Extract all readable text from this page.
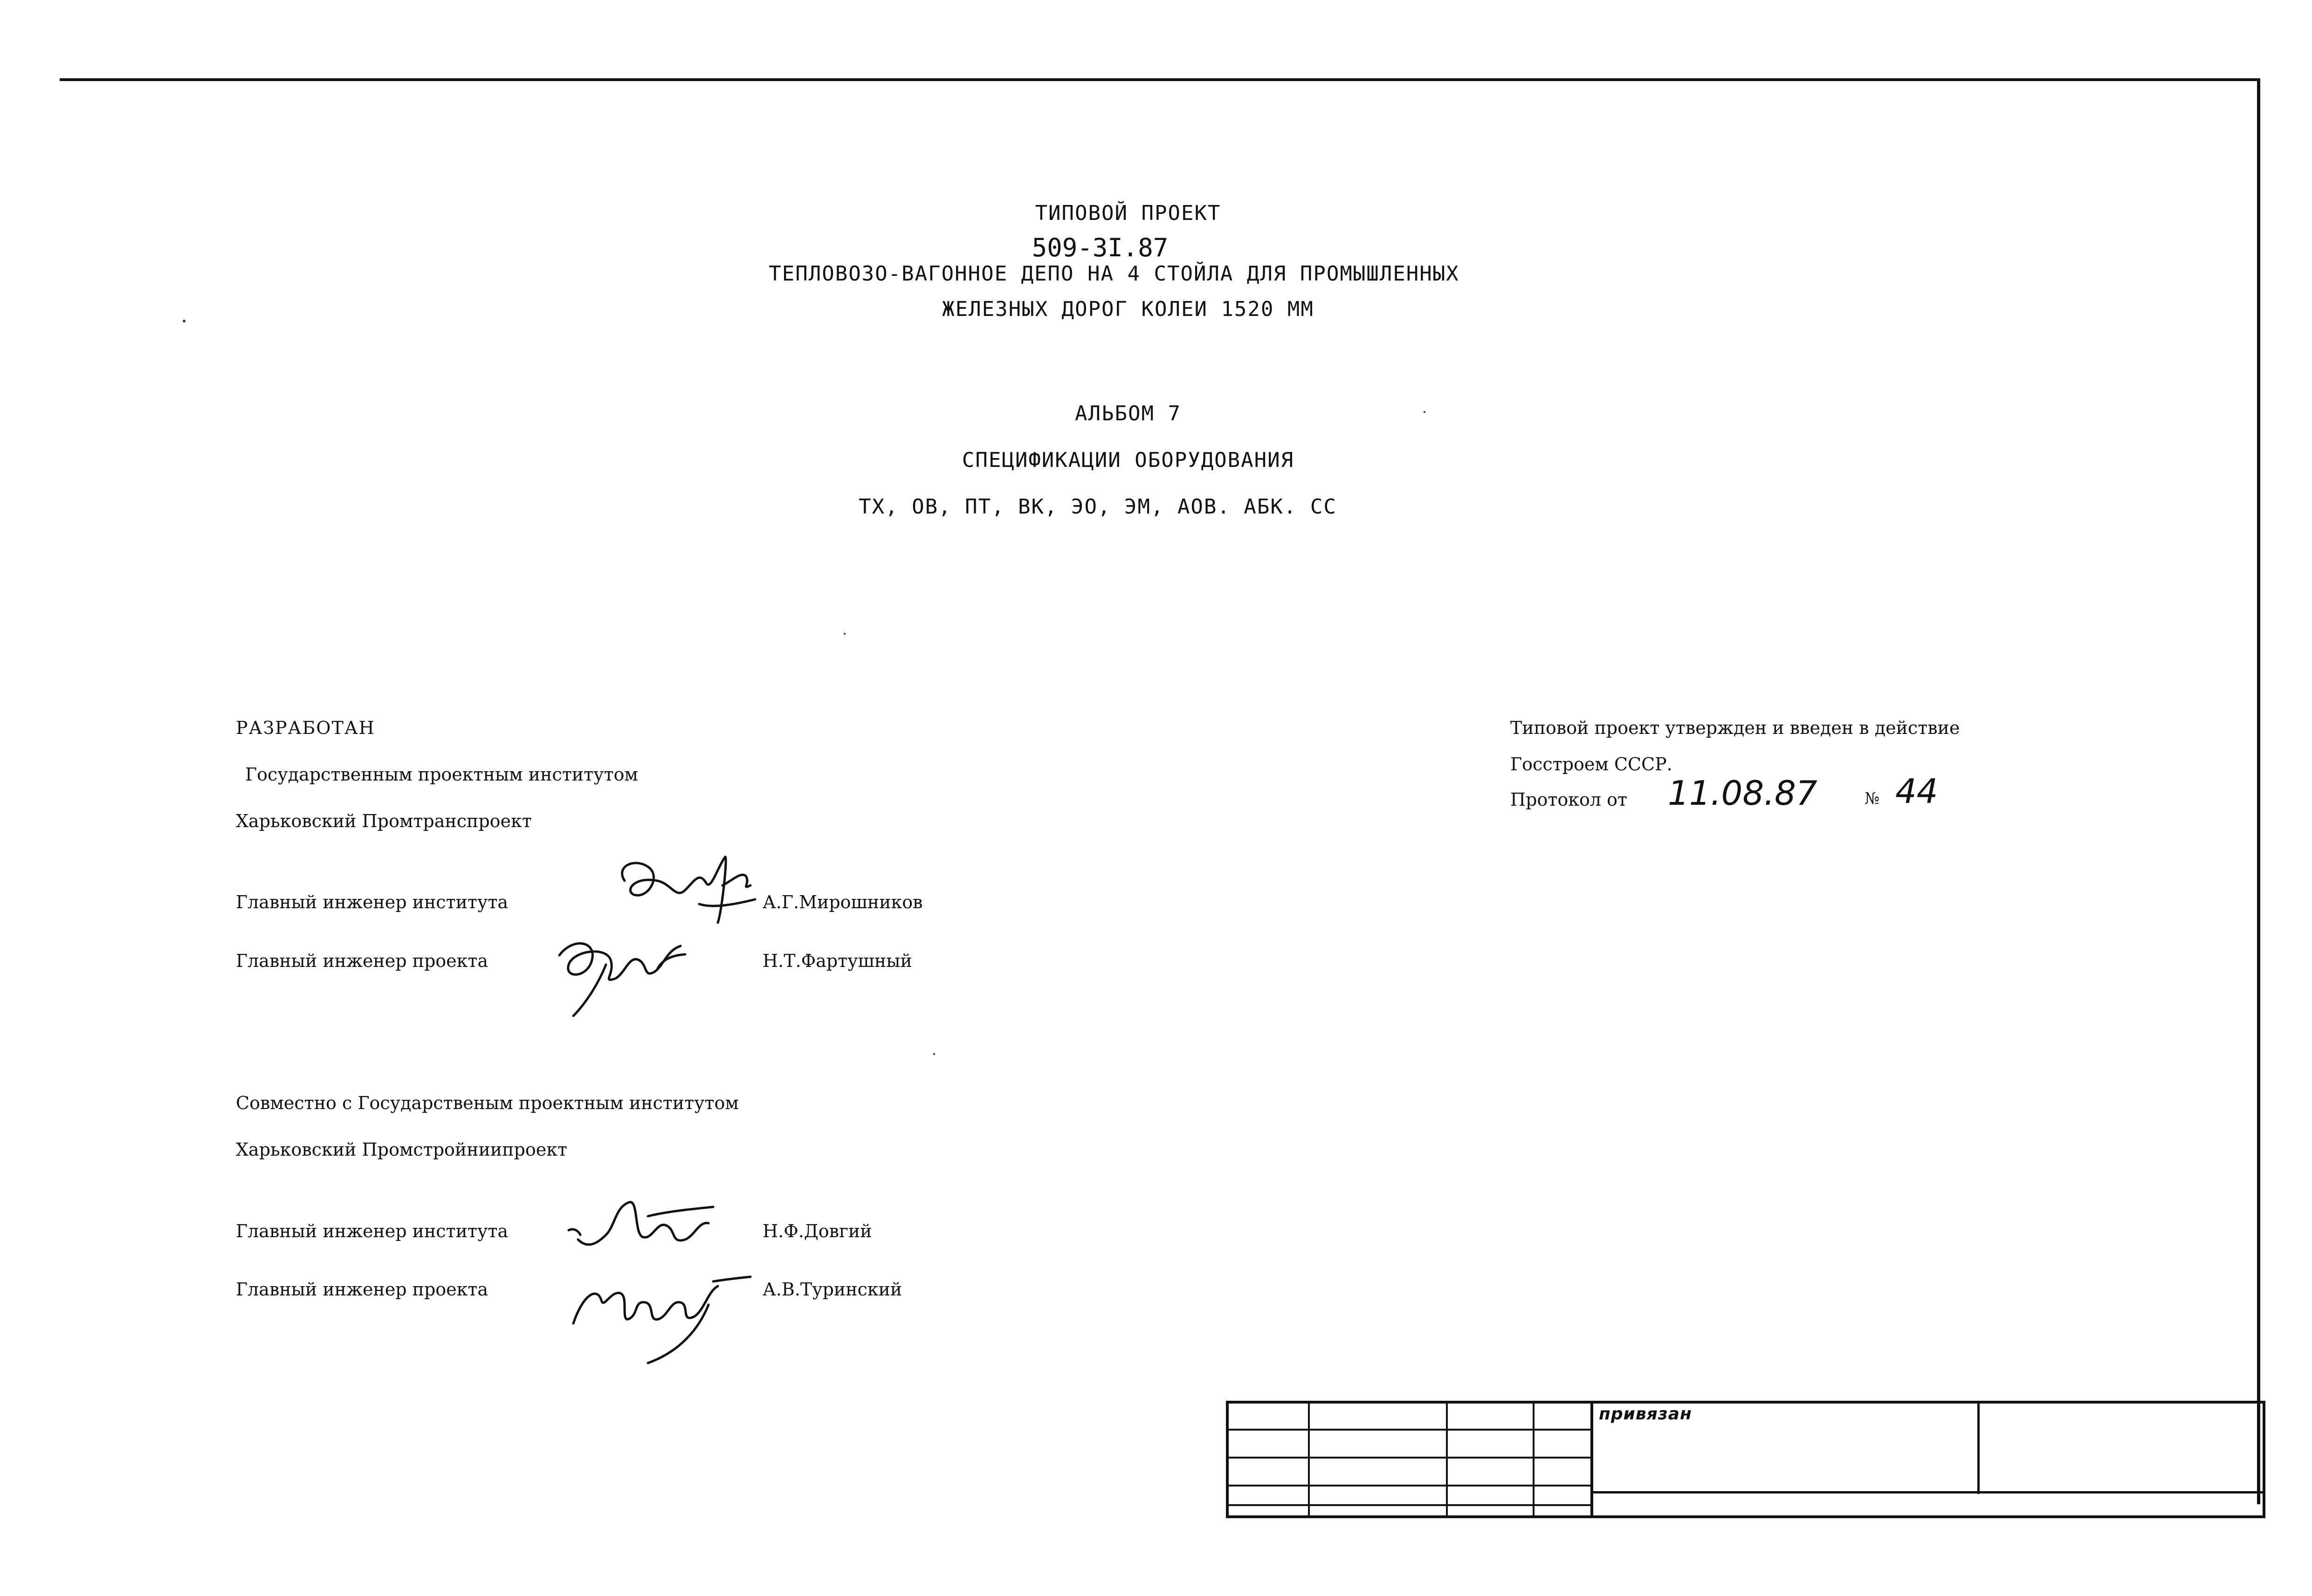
ТИПОВОЙ ПРОЕКТ
509-3I.87
ТЕПЛОВОЗО-ВАГОННОЕ ДЕПО НА 4 СТОЙЛА ДЛЯ ПРОМЫШЛЕННЫХ
ЖЕЛЕЗНЫХ ДОРОГ КОЛЕИ 1520 ММ
АЛЬБОМ 7
СПЕЦИФИКАЦИИ ОБОРУДОВАНИЯ
ТХ, ОВ, ПТ, ВК, ЭО, ЭМ, АОВ. АБК. СС
РАЗРАБОТАН
Государственным проектным институтом
Харьковский Промтранспроект
Главный инженер института	А.Г.Мирошников
Главный инженер проекта	Н.Т.Фартушный
Совместно с Государственым проектным институтом
Харьковский Промстройниипроект
Главный инженер института	Н.Ф.Довгий
Главный инженер проекта	А.В.Туринский
Типовой проект утвержден и введен в действие
Госстроем СССР.
Протокол от 11.08.87	№ 44
привязан
